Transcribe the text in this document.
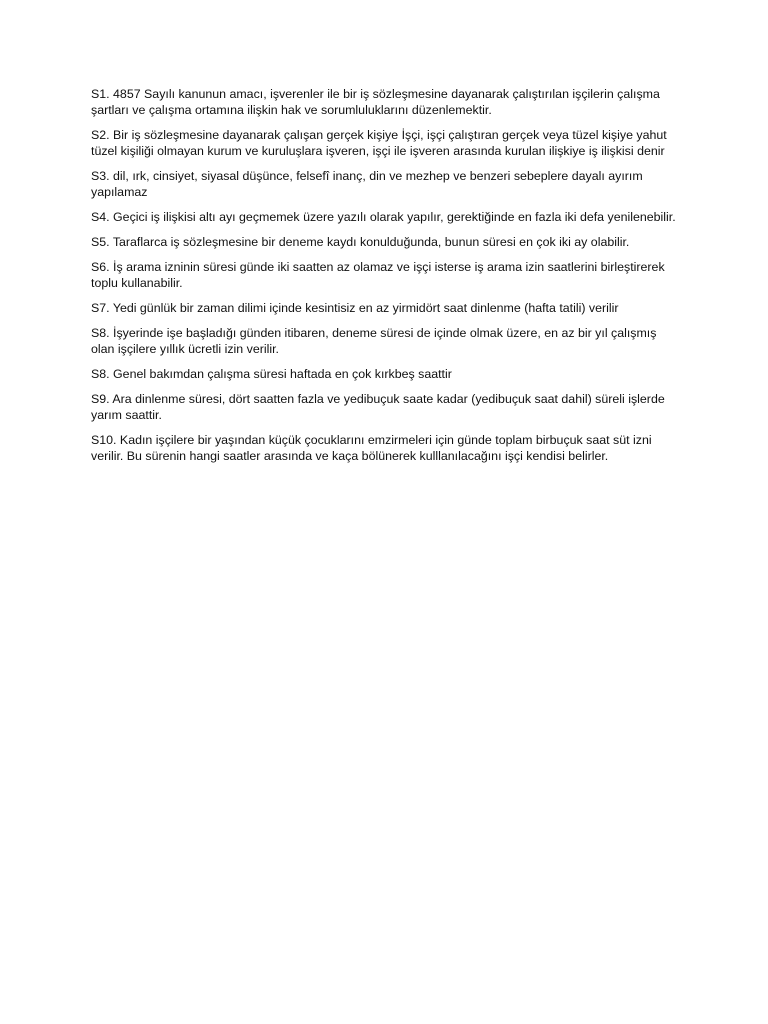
S1. 4857 Sayılı kanunun amacı, işverenler ile bir iş sözleşmesine dayanarak çalıştırılan işçilerin çalışma şartları ve çalışma ortamına ilişkin hak ve sorumluluklarını düzenlemektir.

S2. Bir iş sözleşmesine dayanarak çalışan gerçek kişiye İşçi, işçi çalıştıran gerçek veya tüzel kişiye yahut tüzel kişiliği olmayan kurum ve kuruluşlara işveren, işçi ile işveren arasında kurulan ilişkiye iş ilişkisi denir

S3. dil, ırk, cinsiyet, siyasal düşünce, felsefî inanç, din ve mezhep ve benzeri sebeplere dayalı ayırım yapılamaz

S4. Geçici iş ilişkisi altı ayı geçmemek üzere yazılı olarak yapılır, gerektiğinde en fazla iki defa yenilenebilir.

S5. Taraflarca iş sözleşmesine bir deneme kaydı konulduğunda, bunun süresi en çok iki ay olabilir.

S6. İş arama izninin süresi günde iki saatten az olamaz ve işçi isterse iş arama izin saatlerini birleştirerek toplu kullanabilir.

S7. Yedi günlük bir zaman dilimi içinde kesintisiz en az yirmidört saat dinlenme (hafta tatili) verilir

S8. İşyerinde işe başladığı günden itibaren, deneme süresi de içinde olmak üzere, en az bir yıl çalışmış olan işçilere yıllık ücretli izin verilir.

S8. Genel bakımdan çalışma süresi haftada en çok kırkbeş saattir

S9. Ara dinlenme süresi, dört saatten fazla ve yedibuçuk saate kadar (yedibuçuk saat dahil) süreli işlerde yarım saattir.

S10. Kadın işçilere bir yaşından küçük çocuklarını emzirmeleri için günde toplam birbuçuk saat süt izni verilir. Bu sürenin hangi saatler arasında ve kaça bölünerek kulllanılacağını işçi kendisi belirler.
